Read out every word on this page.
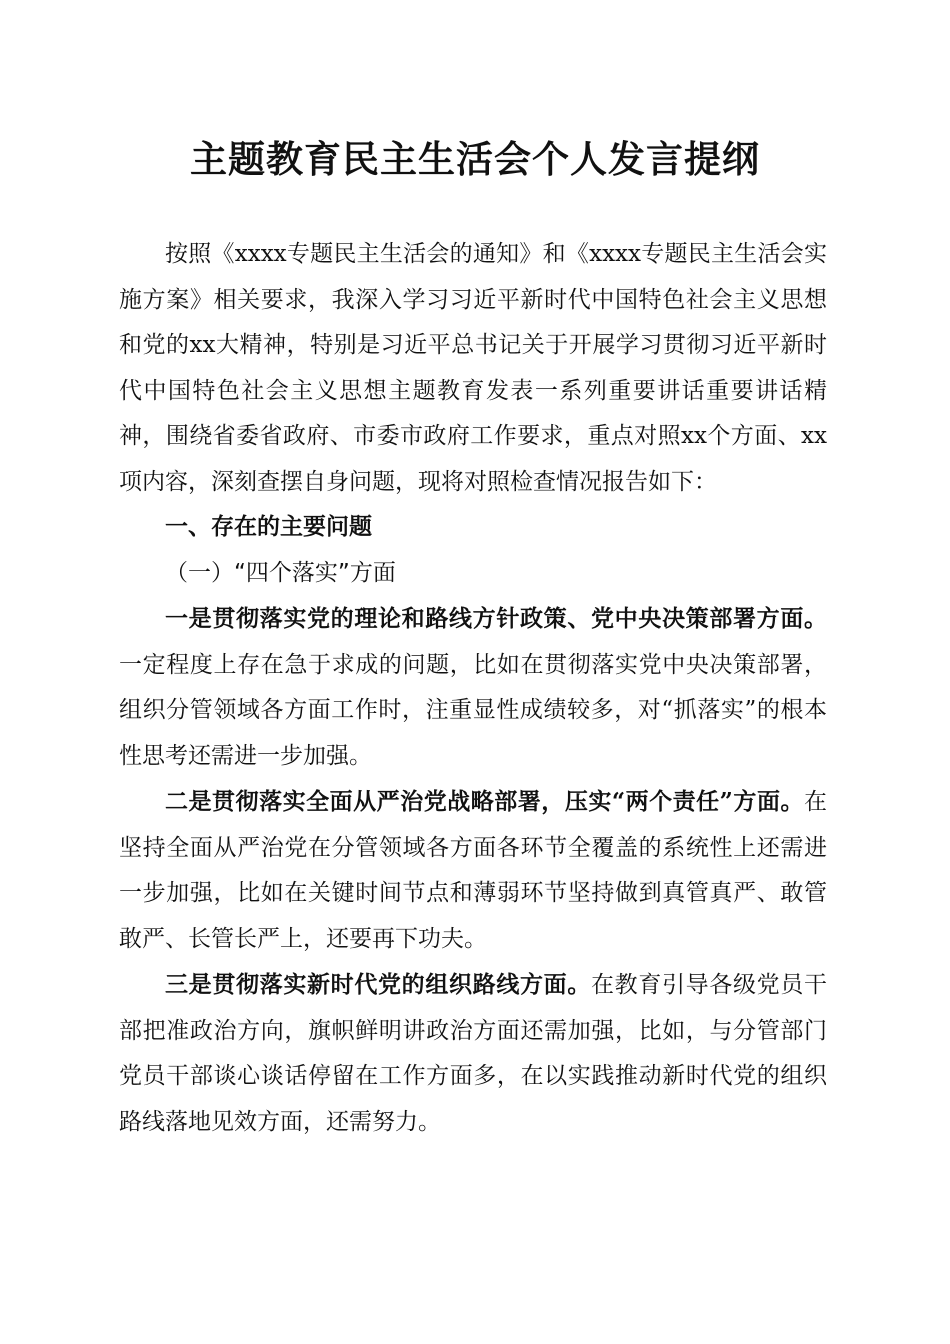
主题教育民主生活会个人发言提纲

按照《xxxx专题民主生活会的通知》和《xxxx专题民主生活会实施方案》相关要求，我深入学习习近平新时代中国特色社会主义思想和党的xx大精神，特别是习近平总书记关于开展学习贯彻习近平新时代中国特色社会主义思想主题教育发表一系列重要讲话重要讲话精神，围绕省委省政府、市委市政府工作要求，重点对照xx个方面、xx项内容，深刻查摆自身问题，现将对照检查情况报告如下：

一、存在的主要问题

（一）“四个落实”方面

一是贯彻落实党的理论和路线方针政策、党中央决策部署方面。一定程度上存在急于求成的问题，比如在贯彻落实党中央决策部署，组织分管领域各方面工作时，注重显性成绩较多，对“抓落实”的根本性思考还需进一步加强。

二是贯彻落实全面从严治党战略部署，压实“两个责任”方面。在坚持全面从严治党在分管领域各方面各环节全覆盖的系统性上还需进一步加强，比如在关键时间节点和薄弱环节坚持做到真管真严、敢管敢严、长管长严上，还要再下功夫。

三是贯彻落实新时代党的组织路线方面。在教育引导各级党员干部把准政治方向，旗帜鲜明讲政治方面还需加强，比如，与分管部门党员干部谈心谈话停留在工作方面多，在以实践推动新时代党的组织路线落地见效方面，还需努力。
